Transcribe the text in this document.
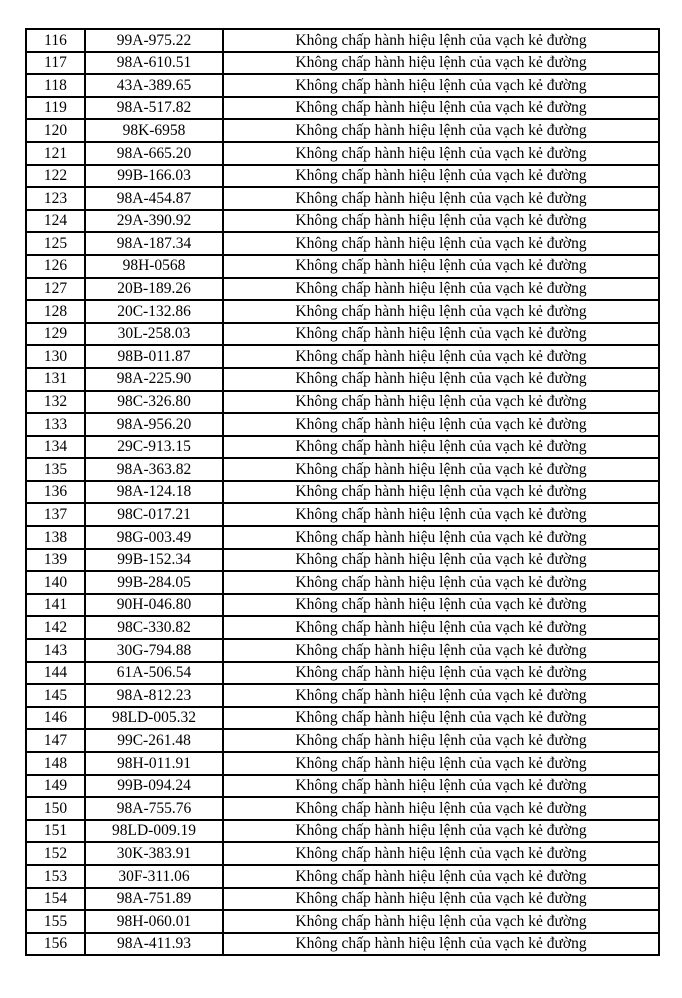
116	99A-975.22	Không chấp hành hiệu lệnh của vạch kẻ đường
117	98A-610.51	Không chấp hành hiệu lệnh của vạch kẻ đường
118	43A-389.65	Không chấp hành hiệu lệnh của vạch kẻ đường
119	98A-517.82	Không chấp hành hiệu lệnh của vạch kẻ đường
120	98K-6958	Không chấp hành hiệu lệnh của vạch kẻ đường
121	98A-665.20	Không chấp hành hiệu lệnh của vạch kẻ đường
122	99B-166.03	Không chấp hành hiệu lệnh của vạch kẻ đường
123	98A-454.87	Không chấp hành hiệu lệnh của vạch kẻ đường
124	29A-390.92	Không chấp hành hiệu lệnh của vạch kẻ đường
125	98A-187.34	Không chấp hành hiệu lệnh của vạch kẻ đường
126	98H-0568	Không chấp hành hiệu lệnh của vạch kẻ đường
127	20B-189.26	Không chấp hành hiệu lệnh của vạch kẻ đường
128	20C-132.86	Không chấp hành hiệu lệnh của vạch kẻ đường
129	30L-258.03	Không chấp hành hiệu lệnh của vạch kẻ đường
130	98B-011.87	Không chấp hành hiệu lệnh của vạch kẻ đường
131	98A-225.90	Không chấp hành hiệu lệnh của vạch kẻ đường
132	98C-326.80	Không chấp hành hiệu lệnh của vạch kẻ đường
133	98A-956.20	Không chấp hành hiệu lệnh của vạch kẻ đường
134	29C-913.15	Không chấp hành hiệu lệnh của vạch kẻ đường
135	98A-363.82	Không chấp hành hiệu lệnh của vạch kẻ đường
136	98A-124.18	Không chấp hành hiệu lệnh của vạch kẻ đường
137	98C-017.21	Không chấp hành hiệu lệnh của vạch kẻ đường
138	98G-003.49	Không chấp hành hiệu lệnh của vạch kẻ đường
139	99B-152.34	Không chấp hành hiệu lệnh của vạch kẻ đường
140	99B-284.05	Không chấp hành hiệu lệnh của vạch kẻ đường
141	90H-046.80	Không chấp hành hiệu lệnh của vạch kẻ đường
142	98C-330.82	Không chấp hành hiệu lệnh của vạch kẻ đường
143	30G-794.88	Không chấp hành hiệu lệnh của vạch kẻ đường
144	61A-506.54	Không chấp hành hiệu lệnh của vạch kẻ đường
145	98A-812.23	Không chấp hành hiệu lệnh của vạch kẻ đường
146	98LD-005.32	Không chấp hành hiệu lệnh của vạch kẻ đường
147	99C-261.48	Không chấp hành hiệu lệnh của vạch kẻ đường
148	98H-011.91	Không chấp hành hiệu lệnh của vạch kẻ đường
149	99B-094.24	Không chấp hành hiệu lệnh của vạch kẻ đường
150	98A-755.76	Không chấp hành hiệu lệnh của vạch kẻ đường
151	98LD-009.19	Không chấp hành hiệu lệnh của vạch kẻ đường
152	30K-383.91	Không chấp hành hiệu lệnh của vạch kẻ đường
153	30F-311.06	Không chấp hành hiệu lệnh của vạch kẻ đường
154	98A-751.89	Không chấp hành hiệu lệnh của vạch kẻ đường
155	98H-060.01	Không chấp hành hiệu lệnh của vạch kẻ đường
156	98A-411.93	Không chấp hành hiệu lệnh của vạch kẻ đường
